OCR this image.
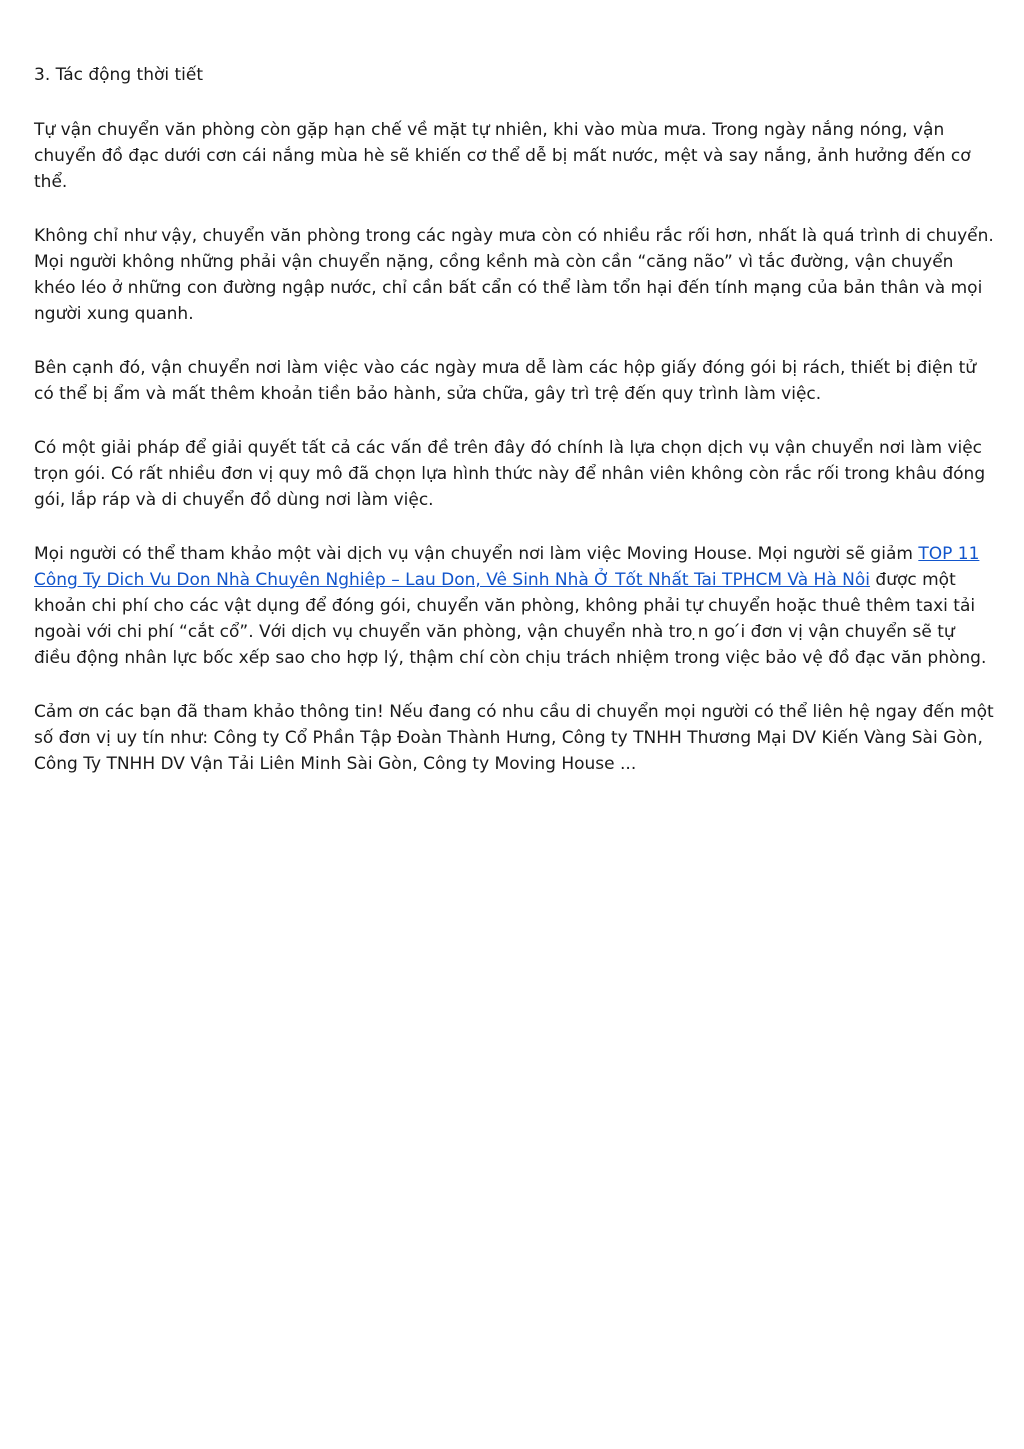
3. Tác động thời tiết

Tự vận chuyển văn phòng còn gặp hạn chế về mặt tự nhiên, khi vào mùa mưa. Trong ngày nắng nóng, vận chuyển đồ đạc dưới cơn cái nắng mùa hè sẽ khiến cơ thể dễ bị mất nước, mệt và say nắng, ảnh hưởng đến cơ thể.

Không chỉ như vậy, chuyển văn phòng trong các ngày mưa còn có nhiều rắc rối hơn, nhất là quá trình di chuyển. Mọi người không những phải vận chuyển nặng, cồng kềnh mà còn cần “căng não” vì tắc đường, vận chuyển khéo léo ở những con đường ngập nước, chỉ cần bất cẩn có thể làm tổn hại đến tính mạng của bản thân và mọi người xung quanh.

Bên cạnh đó, vận chuyển nơi làm việc vào các ngày mưa dễ làm các hộp giấy đóng gói bị rách, thiết bị điện tử có thể bị ẩm và mất thêm khoản tiền bảo hành, sửa chữa, gây trì trệ đến quy trình làm việc.

Có một giải pháp để giải quyết tất cả các vấn đề trên đây đó chính là lựa chọn dịch vụ vận chuyển nơi làm việc trọn gói. Có rất nhiều đơn vị quy mô đã chọn lựa hình thức này để nhân viên không còn rắc rối trong khâu đóng gói, lắp ráp và di chuyển đồ dùng nơi làm việc.

Mọi người có thể tham khảo một vài dịch vụ vận chuyển nơi làm việc Moving House. Mọi người sẽ giảm TOP 11 Công Ty Dich Vu Don Nhà Chuyên Nghiêp – Lau Don, Vê Sinh Nhà Ở Tốt Nhất Tai TPHCM Và Hà Nôi được một khoản chi phí cho các vật dụng để đóng gói, chuyển văn phòng, không phải tự chuyển hoặc thuê thêm taxi tải ngoài với chi phí “cắt cổ”. Với dịch vụ chuyển văn phòng, vận chuyển nhà tro ̣n go ́i đơn vị vận chuyển sẽ tự điều động nhân lực bốc xếp sao cho hợp lý, thậm chí còn chịu trách nhiệm trong việc bảo vệ đồ đạc văn phòng.

Cảm ơn các bạn đã tham khảo thông tin! Nếu đang có nhu cầu di chuyển mọi người có thể liên hệ ngay đến một số đơn vị uy tín như: Công ty Cổ Phần Tập Đoàn Thành Hưng, Công ty TNHH Thương Mại DV Kiến Vàng Sài Gòn, Công Ty TNHH DV Vận Tải Liên Minh Sài Gòn, Công ty Moving House ...
